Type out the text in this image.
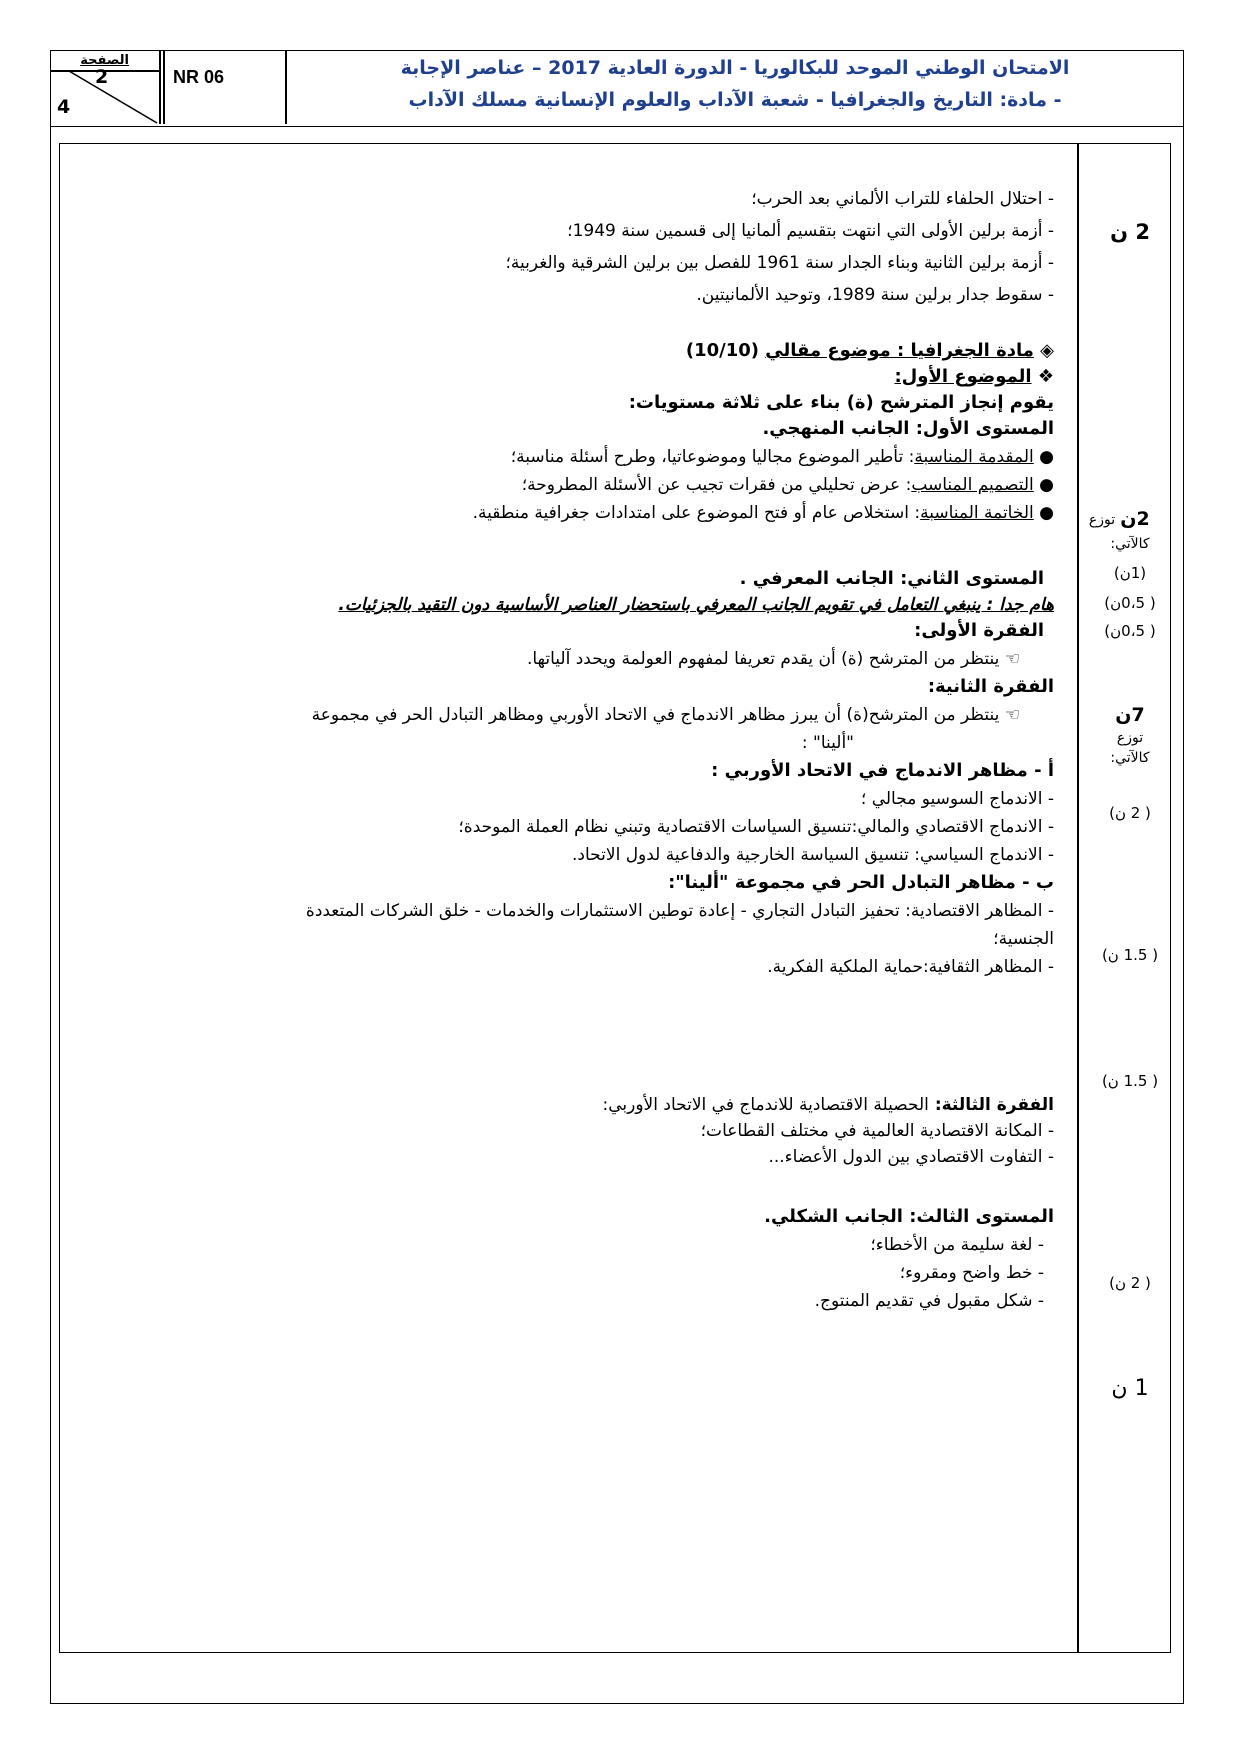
الصفحة
2
4
NR 06	الامتحان الوطني الموحد للبكالوريا - الدورة العادية 2017 – عناصر الإجابة
- مادة: التاريخ والجغرافيا - شعبة الآداب والعلوم الإنسانية مسلك الآداب
2 ن
2ن
توزع
كالآتي:
(1ن)
( 0،5ن)
( 0،5ن)
7ن
توزع
كالآتي:
( 2 ن)
( 1.5 ن)
( 1.5 ن)
( 2 ن)
1 ن
- احتلال الحلفاء للتراب الألماني بعد الحرب؛
- أزمة برلين الأولى التي انتهت بتقسيم ألمانيا إلى قسمين سنة 1949؛
- أزمة برلين الثانية وبناء الجدار سنة 1961 للفصل بين برلين الشرقية والغربية؛
- سقوط جدار برلين سنة 1989، وتوحيد الألمانيتين.
◈ مادة الجغرافيا : موضوع مقالي (10/10)
❖ الموضوع الأول:
يقوم إنجاز المترشح (ة) بناء على ثلاثة مستويات:
المستوى الأول: الجانب المنهجي.
● المقدمة المناسبة: تأطير الموضوع مجاليا وموضوعاتيا، وطرح أسئلة مناسبة؛
● التصميم المناسب: عرض تحليلي من فقرات تجيب عن الأسئلة المطروحة؛
● الخاتمة المناسبة: استخلاص عام أو فتح الموضوع على امتدادات جغرافية منطقية.
المستوى الثاني: الجانب المعرفي .
هام جدا : ينبغي التعامل في تقويم الجانب المعرفي باستحضار العناصر الأساسية دون التقيد بالجزئيات.
الفقرة الأولى:
☜ ينتظر من المترشح (ة) أن يقدم تعريفا لمفهوم العولمة ويحدد آلياتها.
الفقرة الثانية:
☜ ينتظر من المترشح(ة) أن يبرز مظاهر الاندماج في الاتحاد الأوربي ومظاهر التبادل الحر في مجموعة
"ألينا" :
أ - مظاهر الاندماج في الاتحاد الأوربي :
- الاندماج السوسيو مجالي ؛
- الاندماج الاقتصادي والمالي:تنسيق السياسات الاقتصادية وتبني نظام العملة الموحدة؛
- الاندماج السياسي: تنسيق السياسة الخارجية والدفاعية لدول الاتحاد.
ب - مظاهر التبادل الحر في مجموعة "ألينا":
- المظاهر الاقتصادية: تحفيز التبادل التجاري - إعادة توطين الاستثمارات والخدمات - خلق الشركات المتعددة
الجنسية؛
- المظاهر الثقافية:حماية الملكية الفكرية.
الفقرة الثالثة: الحصيلة الاقتصادية للاندماج في الاتحاد الأوربي:
- المكانة الاقتصادية العالمية في مختلف القطاعات؛
- التفاوت الاقتصادي بين الدول الأعضاء...
المستوى الثالث: الجانب الشكلي.
- لغة سليمة من الأخطاء؛
- خط واضح ومقروء؛
- شكل مقبول في تقديم المنتوج.
